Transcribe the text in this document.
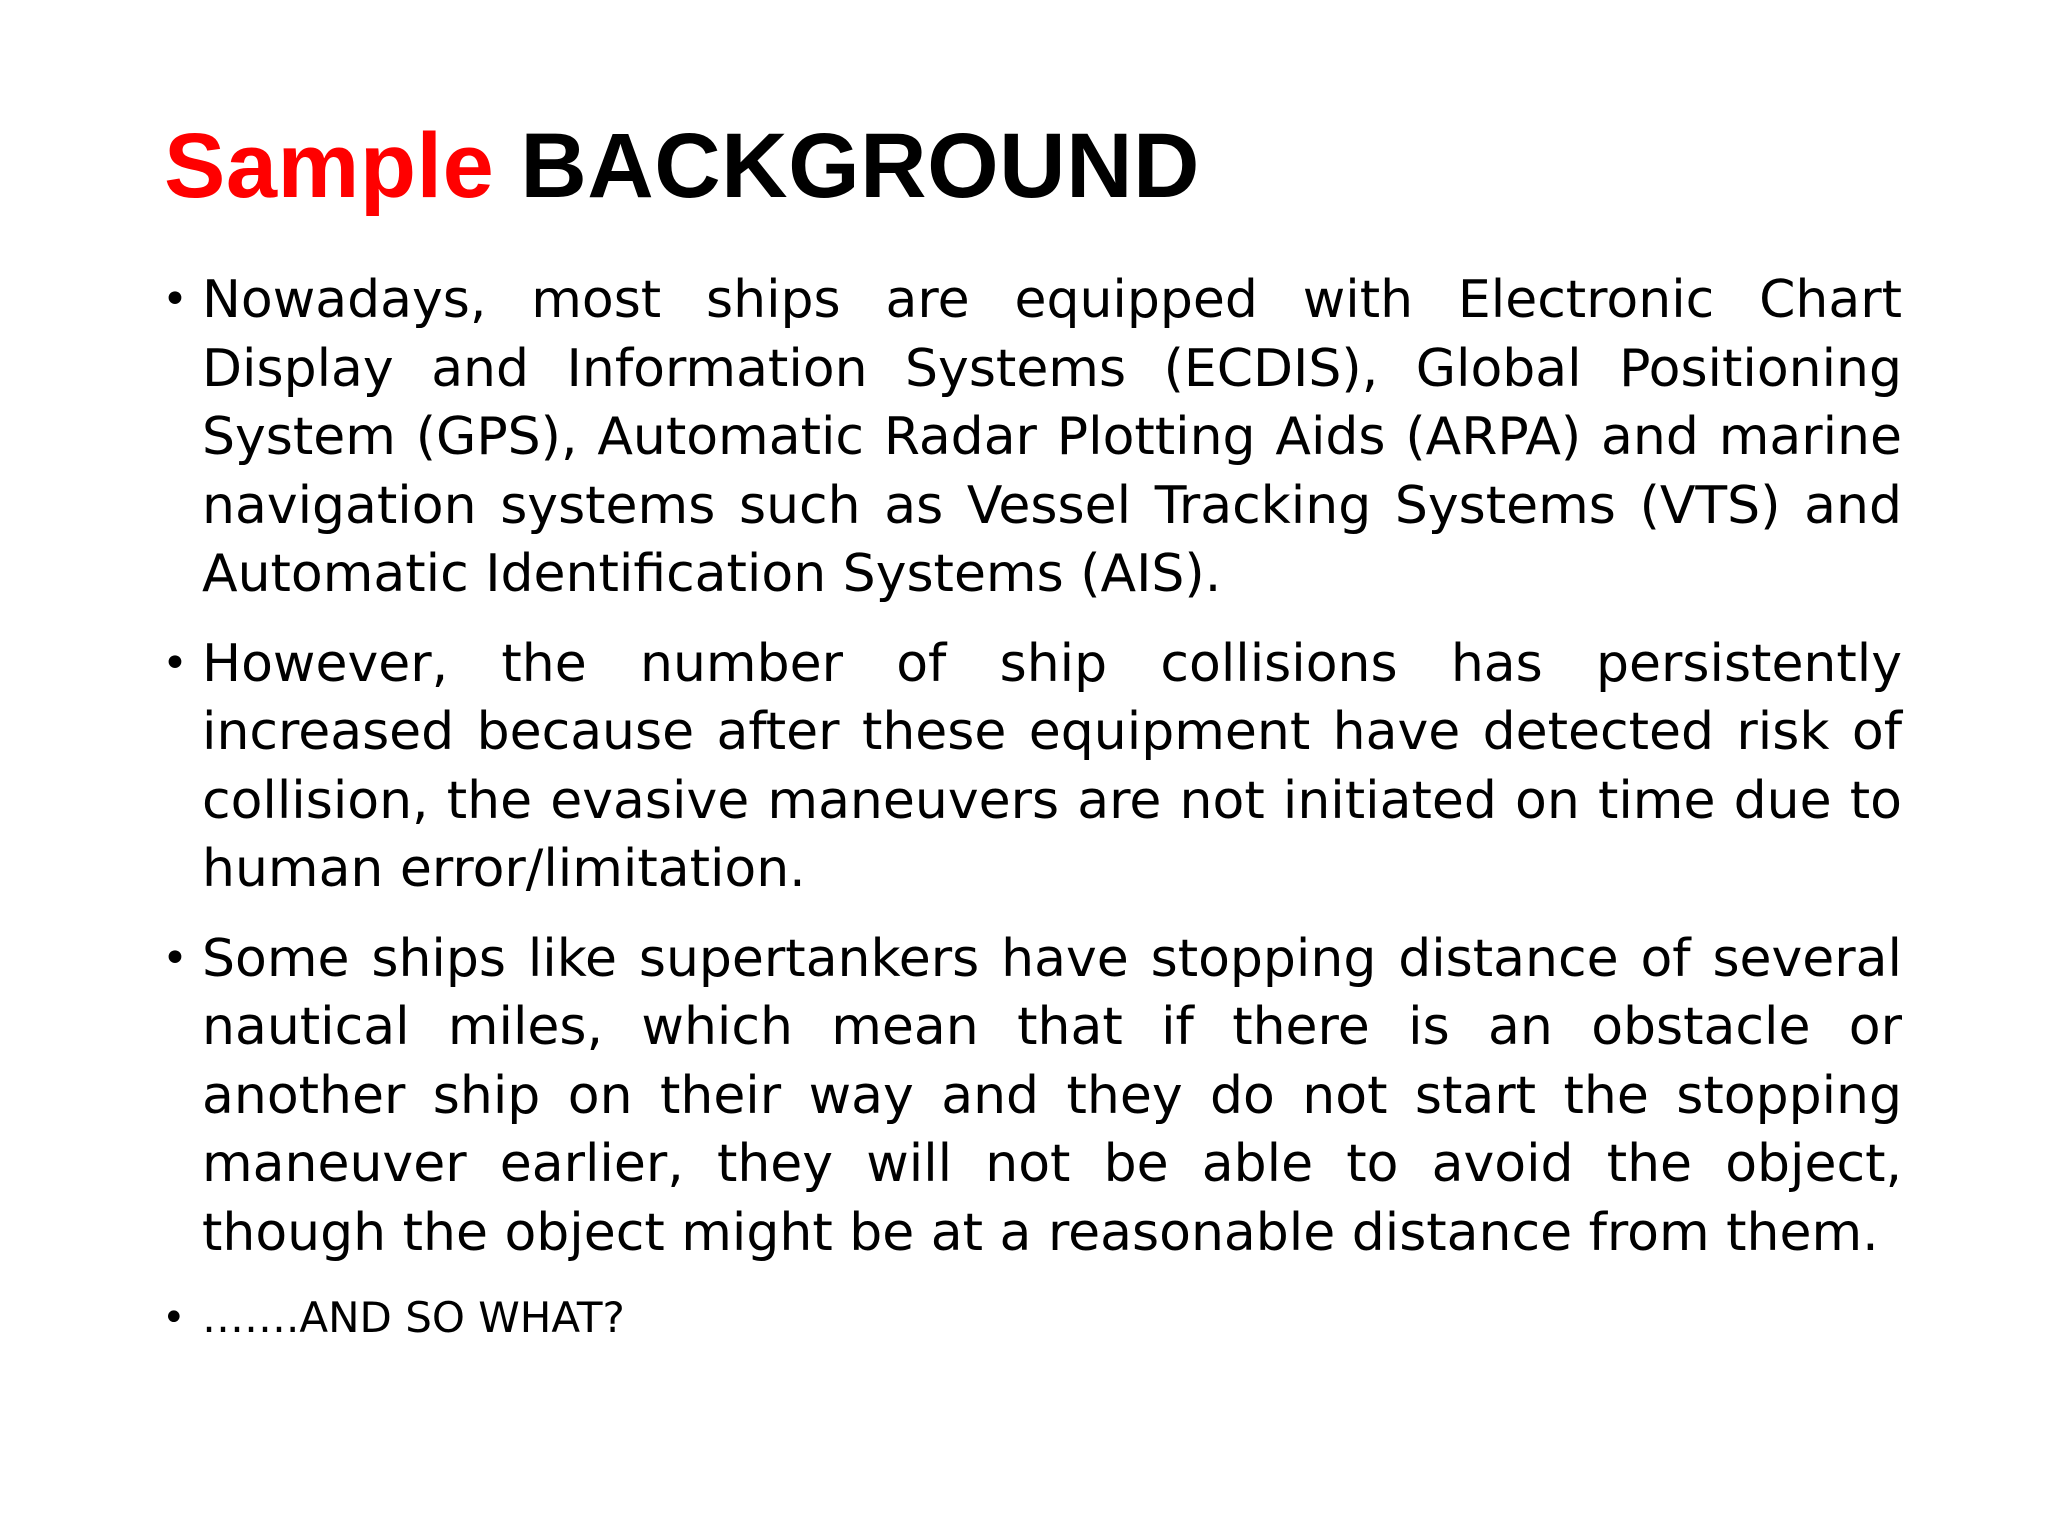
Sample BACKGROUND
• Nowadays, most ships are equipped with Electronic Chart Display and Information Systems (ECDIS), Global Positioning System (GPS), Automatic Radar Plotting Aids (ARPA) and marine navigation systems such as Vessel Tracking Systems (VTS) and Automatic Identification Systems (AIS).
• However, the number of ship collisions has persistently increased because after these equipment have detected risk of collision, the evasive maneuvers are not initiated on time due to human error/limitation.
• Some ships like supertankers have stopping distance of several nautical miles, which mean that if there is an obstacle or another ship on their way and they do not start the stopping maneuver earlier, they will not be able to avoid the object, though the object might be at a reasonable distance from them.
• …….AND SO WHAT?
